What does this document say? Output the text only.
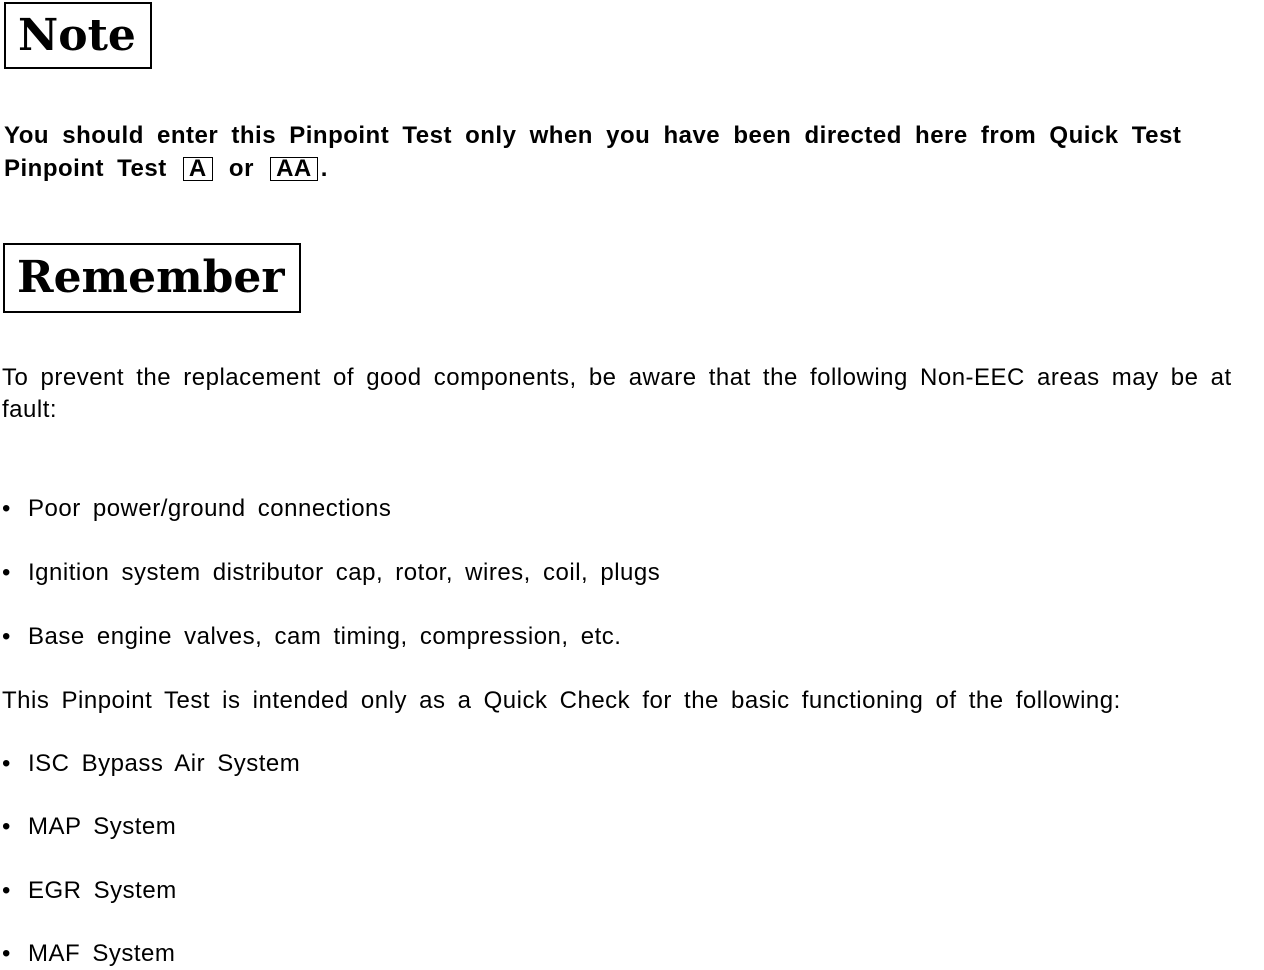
Note
You should enter this Pinpoint Test only when you have been directed here from Quick Test Pinpoint Test A or AA .
Remember
To prevent the replacement of good components, be aware that the following Non-EEC areas may be at fault:
• Poor power/ground connections
• Ignition system distributor cap, rotor, wires, coil, plugs
• Base engine valves, cam timing, compression, etc.
This Pinpoint Test is intended only as a Quick Check for the basic functioning of the following:
• ISC Bypass Air System
• MAP System
• EGR System
• MAF System
